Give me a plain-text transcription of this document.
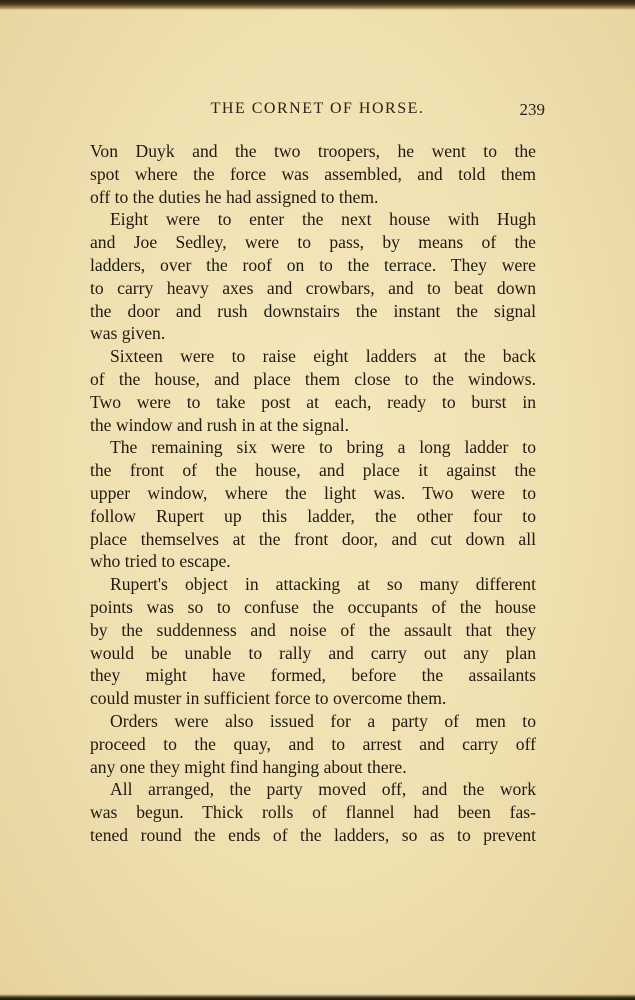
THE CORNET OF HORSE.	239
Von Duyk and the two troopers, he went to the
spot where the force was assembled, and told them
off to the duties he had assigned to them.
Eight were to enter the next house with Hugh
and Joe Sedley, were to pass, by means of the
ladders, over the roof on to the terrace. They were
to carry heavy axes and crowbars, and to beat down
the door and rush downstairs the instant the signal
was given.
Sixteen were to raise eight ladders at the back
of the house, and place them close to the windows.
Two were to take post at each, ready to burst in
the window and rush in at the signal.
The remaining six were to bring a long ladder to
the front of the house, and place it against the
upper window, where the light was. Two were to
follow Rupert up this ladder, the other four to
place themselves at the front door, and cut down all
who tried to escape.
Rupert's object in attacking at so many different
points was so to confuse the occupants of the house
by the suddenness and noise of the assault that they
would be unable to rally and carry out any plan
they might have formed, before the assailants
could muster in sufficient force to overcome them.
Orders were also issued for a party of men to
proceed to the quay, and to arrest and carry off
any one they might find hanging about there.
All arranged, the party moved off, and the work
was begun. Thick rolls of flannel had been fas-
tened round the ends of the ladders, so as to prevent
